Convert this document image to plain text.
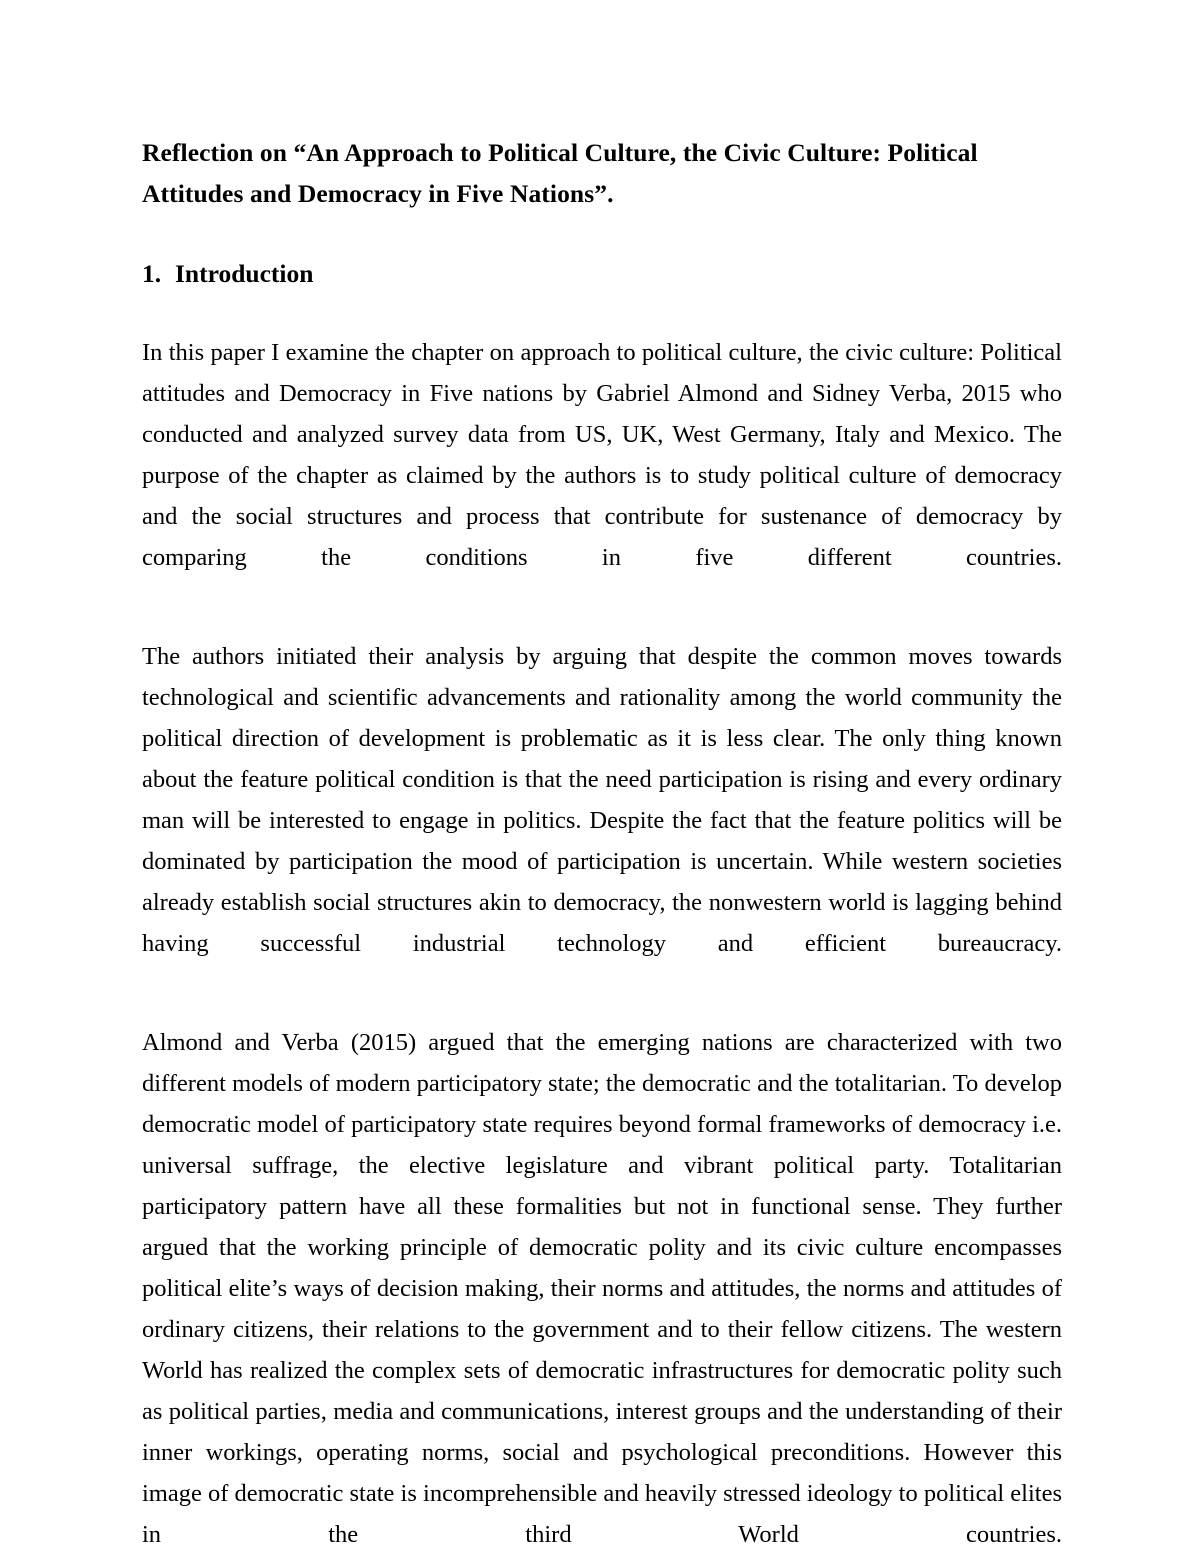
Reflection on “An Approach to Political Culture, the Civic Culture: Political Attitudes and Democracy in Five Nations”.
1. Introduction

In this paper I examine the chapter on approach to political culture, the civic culture: Political attitudes and Democracy in Five nations by Gabriel Almond and Sidney Verba, 2015 who conducted and analyzed survey data from US, UK, West Germany, Italy and Mexico. The purpose of the chapter as claimed by the authors is to study political culture of democracy and the social structures and process that contribute for sustenance of democracy by comparing the conditions in five different countries.

The authors initiated their analysis by arguing that despite the common moves towards technological and scientific advancements and rationality among the world community the political direction of development is problematic as it is less clear. The only thing known about the feature political condition is that the need participation is rising and every ordinary man will be interested to engage in politics. Despite the fact that the feature politics will be dominated by participation the mood of participation is uncertain. While western societies already establish social structures akin to democracy, the nonwestern world is lagging behind having successful industrial technology and efficient bureaucracy.

Almond and Verba (2015) argued that the emerging nations are characterized with two different models of modern participatory state; the democratic and the totalitarian. To develop democratic model of participatory state requires beyond formal frameworks of democracy i.e. universal suffrage, the elective legislature and vibrant political party. Totalitarian participatory pattern have all these formalities but not in functional sense. They further argued that the working principle of democratic polity and its civic culture encompasses political elite’s ways of decision making, their norms and attitudes, the norms and attitudes of ordinary citizens, their relations to the government and to their fellow citizens. The western World has realized the complex sets of democratic infrastructures for democratic polity such as political parties, media and communications, interest groups and the understanding of their inner workings, operating norms, social and psychological preconditions. However this image of democratic state is incomprehensible and heavily stressed ideology to political elites in the third World countries.
